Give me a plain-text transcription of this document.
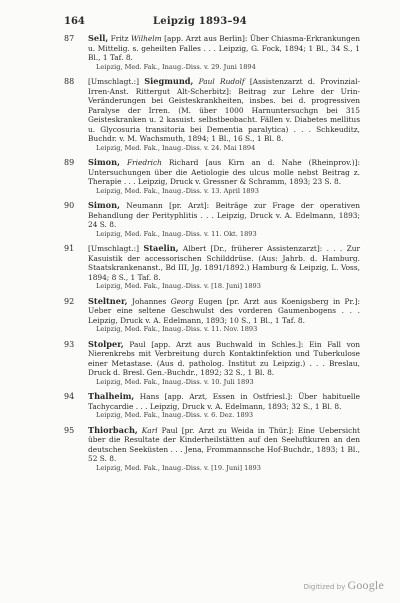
Leipzig 1893–94
164
87 Sell, Fritz Wilhelm [app. Arzt aus Berlin]: Über Chiasma-Erkrankungen u. Mittelig. s. geheilten Falles . . . Leipzig, G. Fock, 1894; 1 Bl., 34 S., 1 Bl., 1 Taf. 8.
Leipzig, Med. Fak., Inaug.-Diss. v. 29. Juni 1894
88 [Umschlagt.:] Siegmund, Paul Rudolf [Assistenzarzt d. Provinzial-Irren-Anst. Rittergut Alt-Scherbitz]: Beitrag zur Lehre der Urin-Veränderungen bei Geisteskrankheiten, insbes. bei d. progressiven Paralyse der Irren. (M. über 1000 Harnuntersuchgn bei 315 Geisteskranken u. 2 kasuist. selbstbeobacht. Fällen v. Diabetes mellitus u. Glycosuria transitoria bei Dementia paralytica) . . . Schkeuditz, Buchdr. v. M. Wachsmuth, 1894; 1 Bl., 16 S., 1 Bl. 8.
Leipzig, Med. Fak., Inaug.-Diss. v. 24. Mai 1894
89 Simon, Friedrich Richard [aus Kirn an d. Nahe (Rheinprov.)]: Untersuchungen über die Aetiologie des ulcus molle nebst Beitrag z. Therapie . . . Leipzig, Druck v. Gressner & Schramm, 1893; 23 S. 8.
Leipzig, Med. Fak., Inaug.-Diss. v. 13. April 1893
90 Simon, Neumann [pr. Arzt]: Beiträge zur Frage der operativen Behandlung der Perityphlitis . . . Leipzig, Druck v. A. Edelmann, 1893; 24 S. 8.
Leipzig, Med. Fak., Inaug.-Diss. v. 11. Okt. 1893
91 [Umschlagt.:] Staelin, Albert [Dr., früherer Assistenzarzt]: . . . Zur Kasuistik der accessorischen Schilddrüse. (Aus: Jahrb. d. Hamburg. Staatskrankenanst., Bd III, Jg. 1891/1892.) Hamburg & Leipzig, L. Voss, 1894; 8 S., 1 Taf. 8.
Leipzig, Med. Fak., Inaug.-Diss. v. [18. Juni] 1893
92 Steltner, Johannes Georg Eugen [pr. Arzt aus Koenigsberg in Pr.]: Ueber eine seltene Geschwulst des vorderen Gaumenbogens . . . Leipzig, Druck v. A. Edelmann, 1893; 10 S., 1 Bl., 1 Taf. 8.
Leipzig, Med. Fak., Inaug.-Diss. v. 11. Nov. 1893
93 Stolper, Paul [app. Arzt aus Buchwald in Schles.]: Ein Fall von Nierenkrebs mit Verbreitung durch Kontaktinfektion und Tuberkulose einer Metastase. (Aus d. patholog. Institut zu Leipzig.) . . . Breslau, Druck d. Bresl. Gen.-Buchdr., 1892; 32 S., 1 Bl. 8.
Leipzig, Med. Fak., Inaug.-Diss. v. 10. Juli 1893
94 Thalheim, Hans [app. Arzt, Essen in Ostfriesl.]: Über habituelle Tachycardie . . . Leipzig, Druck v. A. Edelmann, 1893; 32 S., 1 Bl. 8.
Leipzig, Med. Fak., Inaug.-Diss. v. 6. Dez. 1893
95 Thiorbach, Karl Paul [pr. Arzt zu Weida in Thür.]: Eine Uebersicht über die Resultate der Kinderheilstätten auf den Seeluftkuren an den deutschen Seeküsten . . . Jena, Frommannsche Hof-Buchdr., 1893; 1 Bl., 52 S. 8.
Leipzig, Med. Fak., Inaug.-Diss. v. [19. Juni] 1893
Digitized by Google
